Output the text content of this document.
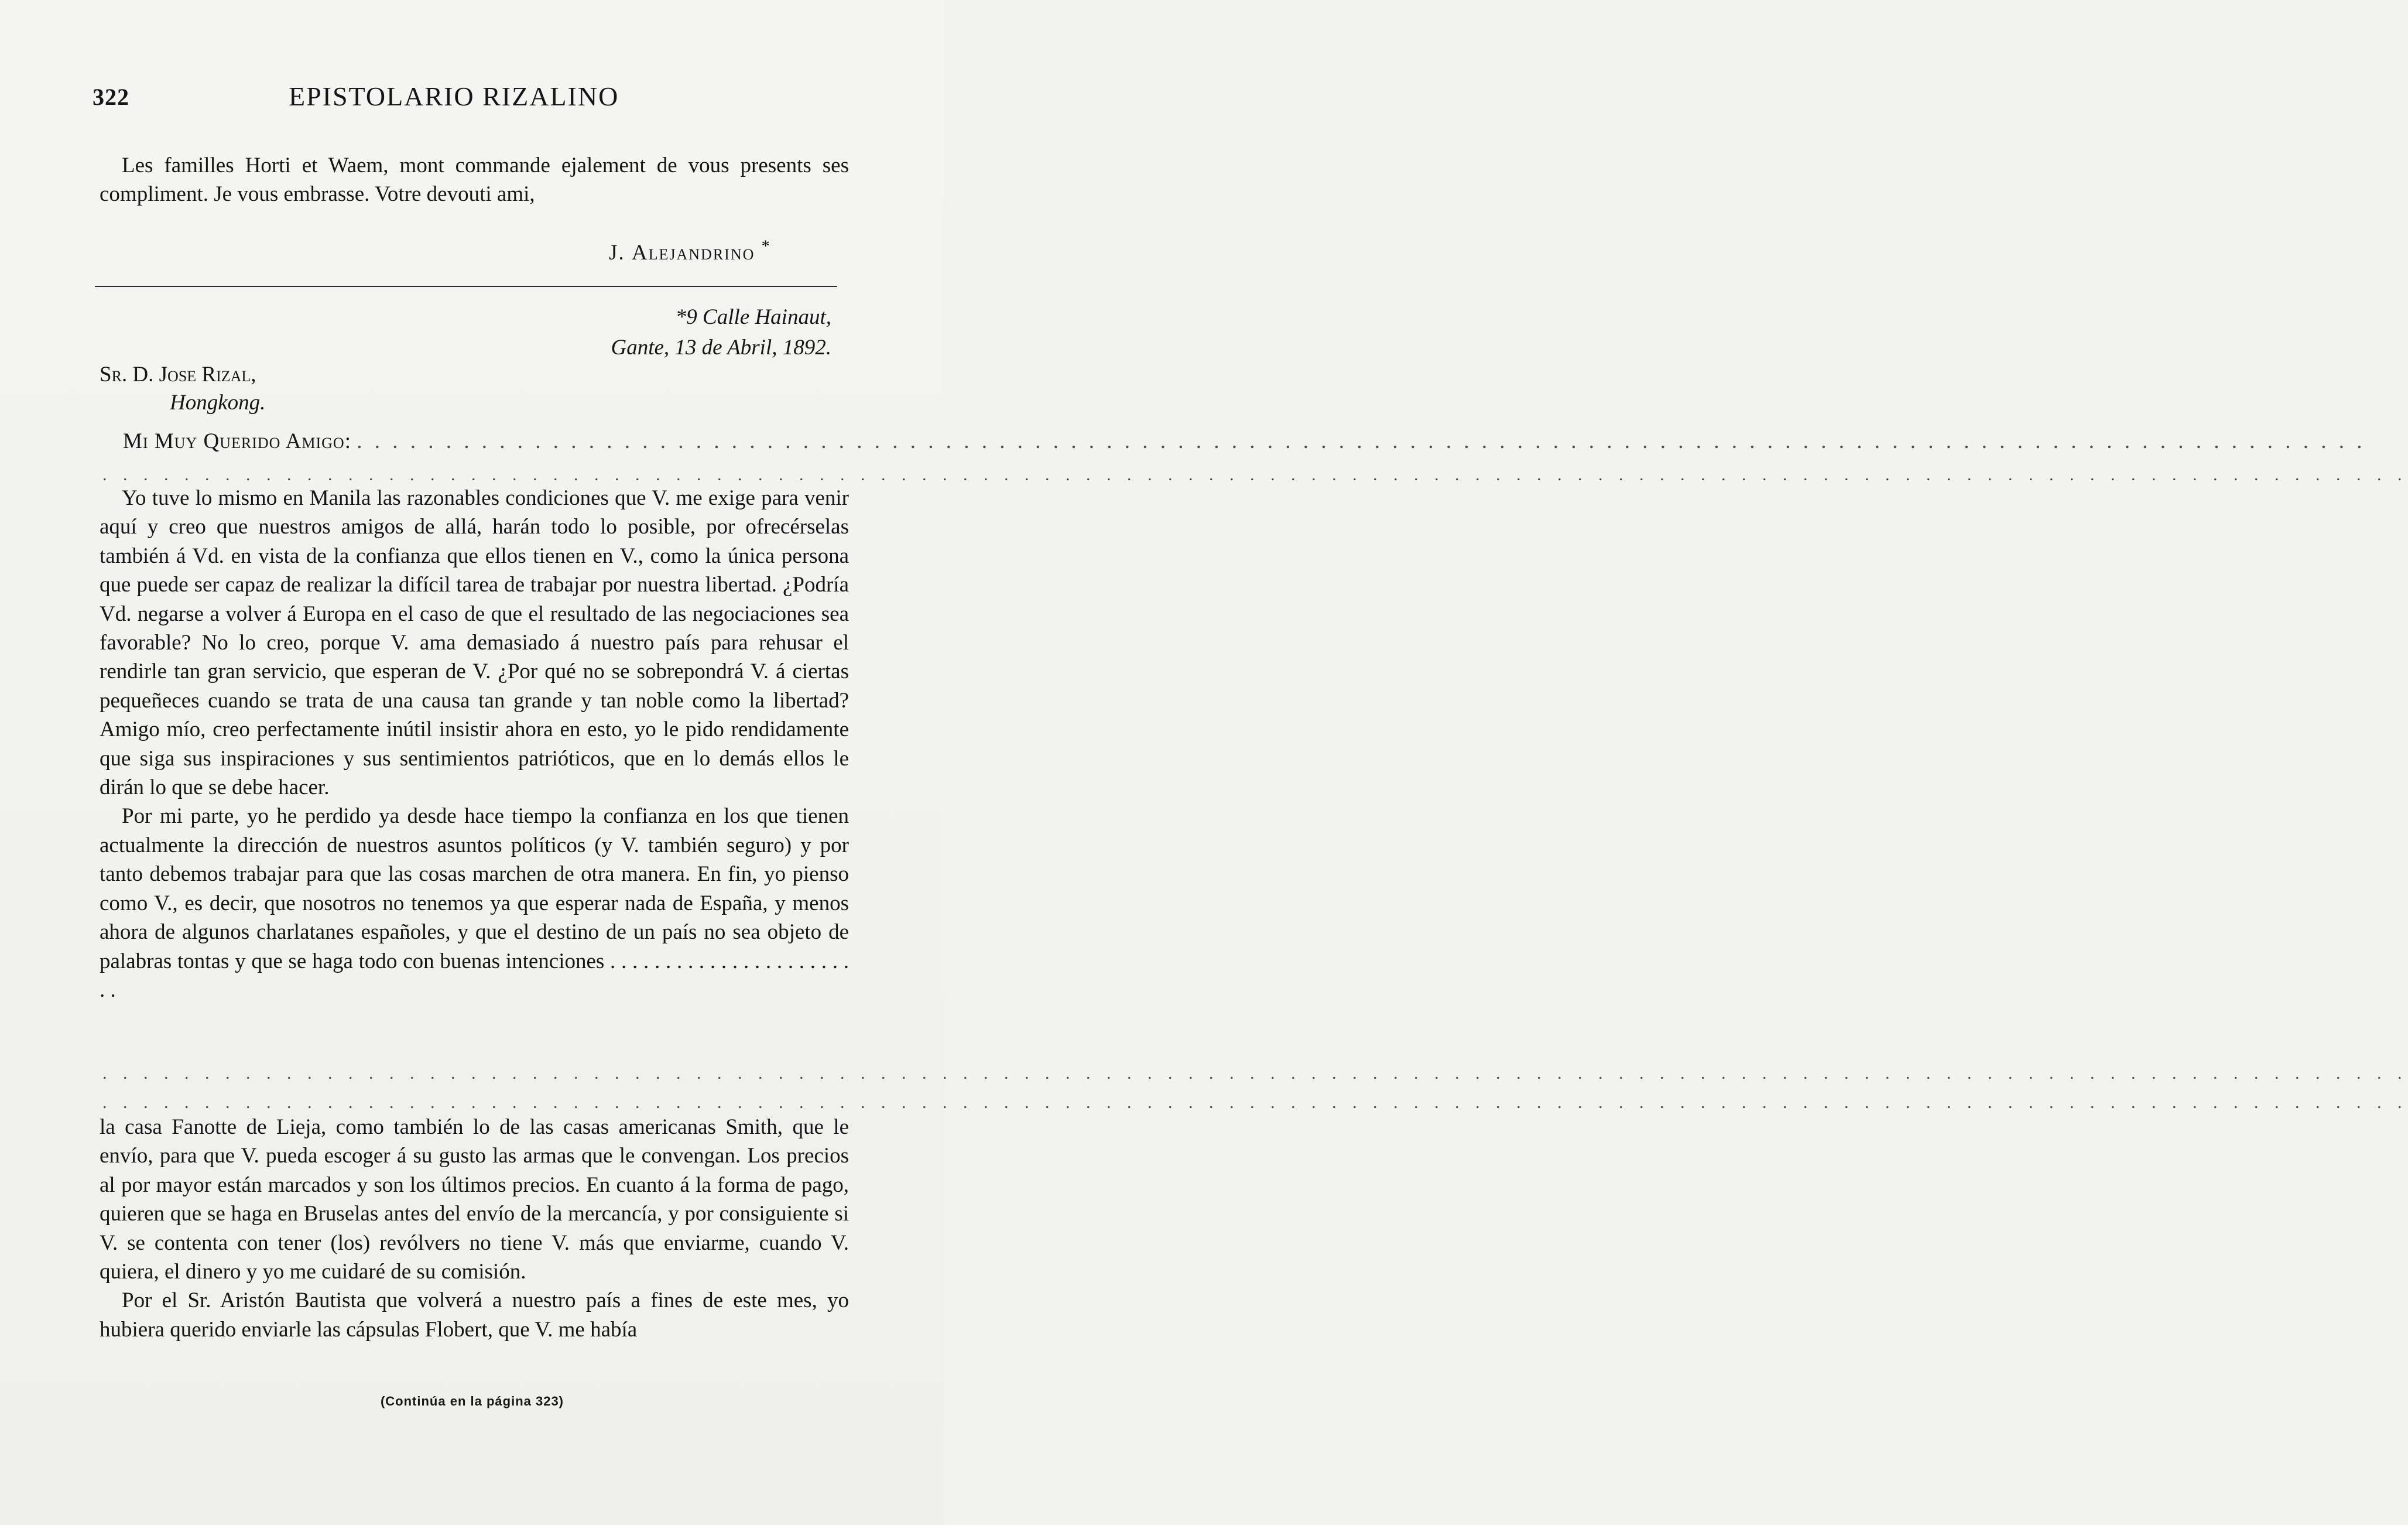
322	EPISTOLARIO RIZALINO

Les familles Horti et Waem, mont commande ejalement de vous presents ses compliment. Je vous embrasse. Votre devouti ami,

J. Alejandrino *
*9 Calle Hainaut,
Gante, 13 de Abril, 1892.
Sr. D. Jose Rizal,
Hongkong.
Mi Muy Querido Amigo: . . . . . . . . . . . . . . . . . . . . . . . . . . . . . . . . . . . . . . . . . . . . . . . . . . . . . . . . . . . . . . . . . . . . . . . . . . . . . . . . . . . . . . . . . . . . . . . . . . . . . . . . . . . . . . . . .
. . . . . . . . . . . . . . . . . . . . . . . . . . . . . . . . . . . . . . . . . . . . . . . . . . . . . . . . . . . . . . . . . . . . . . . . . . . . . . . . . . . . . . . . . . . . . . . . . . . . . . . . . . . . . . . . .

Yo tuve lo mismo en Manila las razonables condiciones que V. me exige para venir aquí y creo que nuestros amigos de allá, harán todo lo posible, por ofrecérselas también á Vd. en vista de la confianza que ellos tienen en V., como la única persona que puede ser capaz de realizar la difícil tarea de trabajar por nuestra libertad. ¿Podría Vd. negarse a volver á Europa en el caso de que el resultado de las negociaciones sea favorable? No lo creo, porque V. ama demasiado á nuestro país para rehusar el rendirle tan gran servicio, que esperan de V. ¿Por qué no se sobrepondrá V. á ciertas pequeñeces cuando se trata de una causa tan grande y tan noble como la libertad? Amigo mío, creo perfectamente inútil insistir ahora en esto, yo le pido rendidamente que siga sus inspiraciones y sus sentimientos patrióticos, que en lo demás ellos le dirán lo que se debe hacer.

Por mi parte, yo he perdido ya desde hace tiempo la confianza en los que tienen actualmente la dirección de nuestros asuntos políticos (y V. también seguro) y por tanto debemos trabajar para que las cosas marchen de otra manera. En fin, yo pienso como V., es decir, que nosotros no tenemos ya que esperar nada de España, y menos ahora de algunos charlatanes españoles, y que el destino de un país no sea objeto de palabras tontas y que se haga todo con buenas intenciones . . . . . . . . . . . . . . . . . . . . . . . .

. . . . . . . . . . . . . . . . . . . . . . . . . . . . . . . . . . . . . . . . . . . . . . . . . . . . . . . . . . . . . . . . . . . . . . . . . . . . . . . . . . . . . . . . . . . . . . . . . . . . . . . . . . . . . . . . .
. . . . . . . . . . . . . . . . . . . . . . . . . . . . . . . . . . . . . . . . . . . . . . . . . . . . . . . . . . . . . . . . . . . . . . . . . . . . . . . . . . . . . . . . . . . . . . . . . . . . . . . . . . . . . . . . .

la casa Fanotte de Lieja, como también lo de las casas americanas Smith, que le envío, para que V. pueda escoger á su gusto las armas que le convengan. Los precios al por mayor están marcados y son los últimos precios. En cuanto á la forma de pago, quieren que se haga en Bruselas antes del envío de la mercancía, y por consiguiente si V. se contenta con tener (los) revólvers no tiene V. más que enviarme, cuando V. quiera, el dinero y yo me cuidaré de su comisión.

Por el Sr. Aristón Bautista que volverá a nuestro país a fines de este mes, yo hubiera querido enviarle las cápsulas Flobert, que V. me había

(Continúa en la página 323)
